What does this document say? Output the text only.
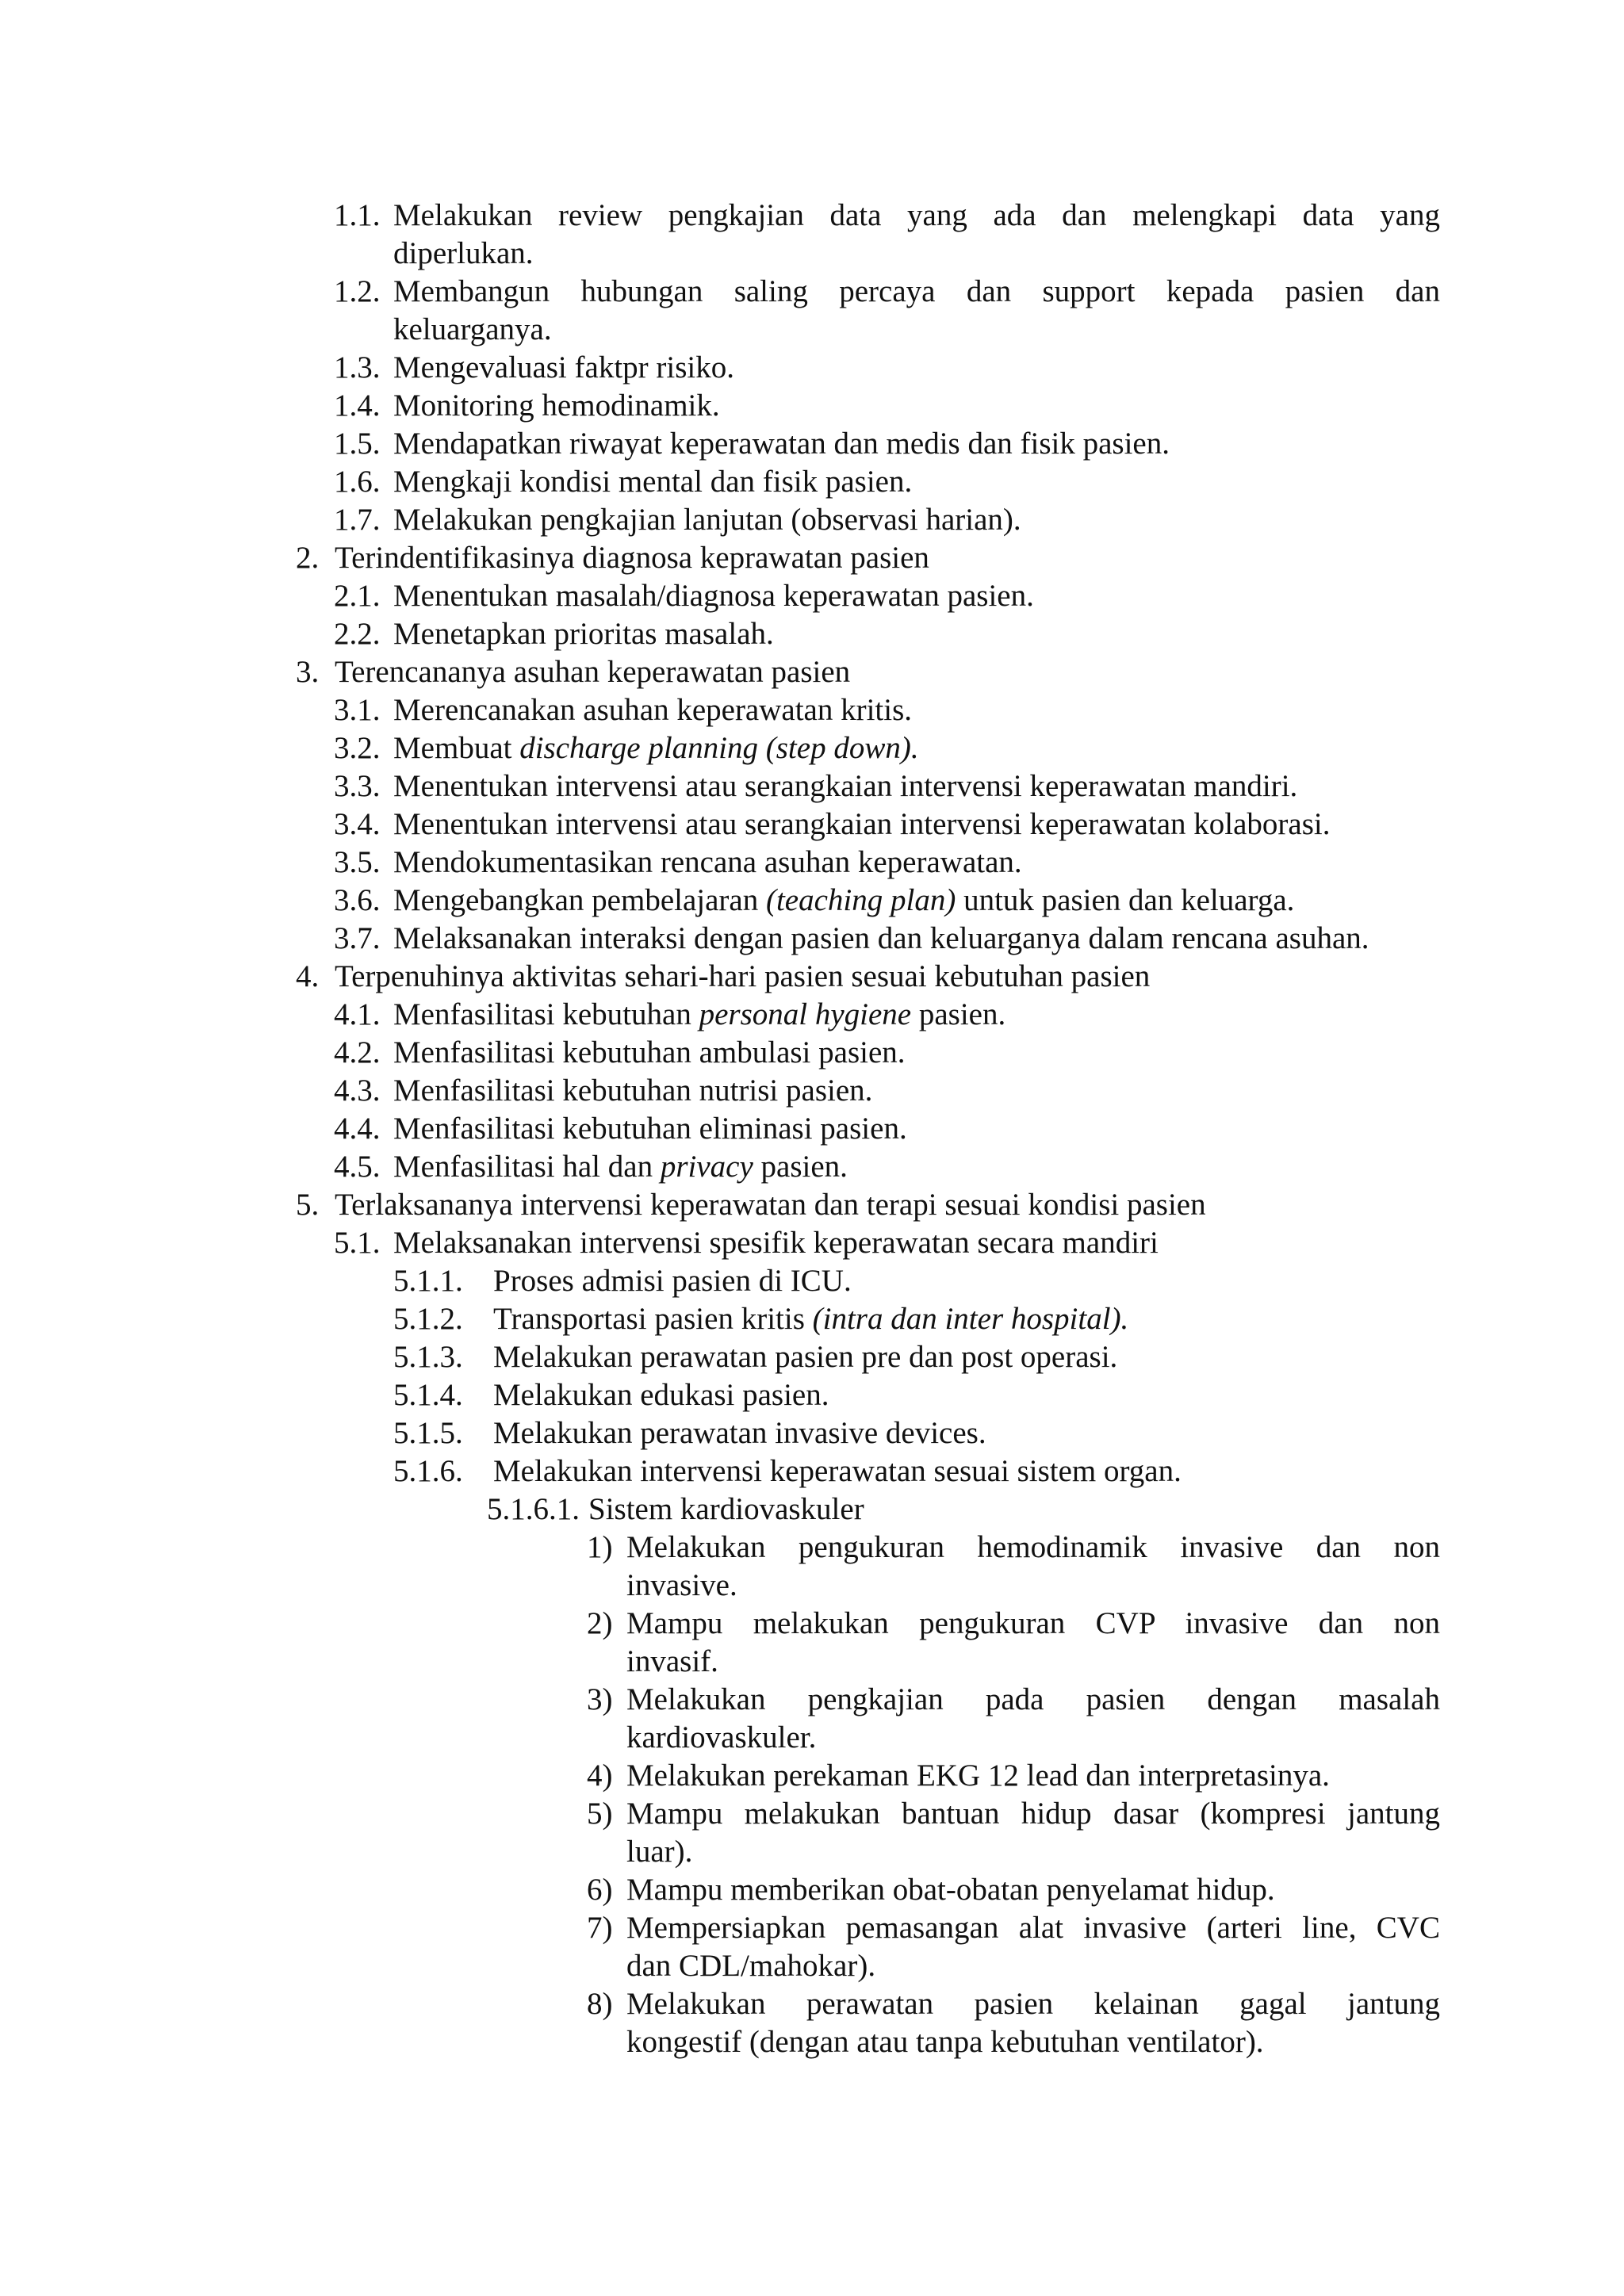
1.1. Melakukan review pengkajian data yang ada dan melengkapi data yang
diperlukan.
1.2. Membangun hubungan saling percaya dan support kepada pasien dan
keluarganya.
1.3. Mengevaluasi faktpr risiko.
1.4. Monitoring hemodinamik.
1.5. Mendapatkan riwayat keperawatan dan medis dan fisik pasien.
1.6. Mengkaji kondisi mental dan fisik pasien.
1.7. Melakukan pengkajian lanjutan (observasi harian).
2. Terindentifikasinya diagnosa keprawatan pasien
2.1. Menentukan masalah/diagnosa keperawatan pasien.
2.2. Menetapkan prioritas masalah.
3. Terencananya asuhan keperawatan pasien
3.1. Merencanakan asuhan keperawatan kritis.
3.2. Membuat discharge planning (step down).
3.3. Menentukan intervensi atau serangkaian intervensi keperawatan mandiri.
3.4. Menentukan intervensi atau serangkaian intervensi keperawatan kolaborasi.
3.5. Mendokumentasikan rencana asuhan keperawatan.
3.6. Mengebangkan pembelajaran (teaching plan) untuk pasien dan keluarga.
3.7. Melaksanakan interaksi dengan pasien dan keluarganya dalam rencana asuhan.
4. Terpenuhinya aktivitas sehari-hari pasien sesuai kebutuhan pasien
4.1. Menfasilitasi kebutuhan personal hygiene pasien.
4.2. Menfasilitasi kebutuhan ambulasi pasien.
4.3. Menfasilitasi kebutuhan nutrisi pasien.
4.4. Menfasilitasi kebutuhan eliminasi pasien.
4.5. Menfasilitasi hal dan privacy pasien.
5. Terlaksananya intervensi keperawatan dan terapi sesuai kondisi pasien
5.1. Melaksanakan intervensi spesifik keperawatan secara mandiri
5.1.1. Proses admisi pasien di ICU.
5.1.2. Transportasi pasien kritis (intra dan inter hospital).
5.1.3. Melakukan perawatan pasien pre dan post operasi.
5.1.4. Melakukan edukasi pasien.
5.1.5. Melakukan perawatan invasive devices.
5.1.6. Melakukan intervensi keperawatan sesuai sistem organ.
5.1.6.1. Sistem kardiovaskuler
1) Melakukan pengukuran hemodinamik invasive dan non
invasive.
2) Mampu melakukan pengukuran CVP invasive dan non
invasif.
3) Melakukan pengkajian pada pasien dengan masalah
kardiovaskuler.
4) Melakukan perekaman EKG 12 lead dan interpretasinya.
5) Mampu melakukan bantuan hidup dasar (kompresi jantung
luar).
6) Mampu memberikan obat-obatan penyelamat hidup.
7) Mempersiapkan pemasangan alat invasive (arteri line, CVC
dan CDL/mahokar).
8) Melakukan perawatan pasien kelainan gagal jantung
kongestif (dengan atau tanpa kebutuhan ventilator).
